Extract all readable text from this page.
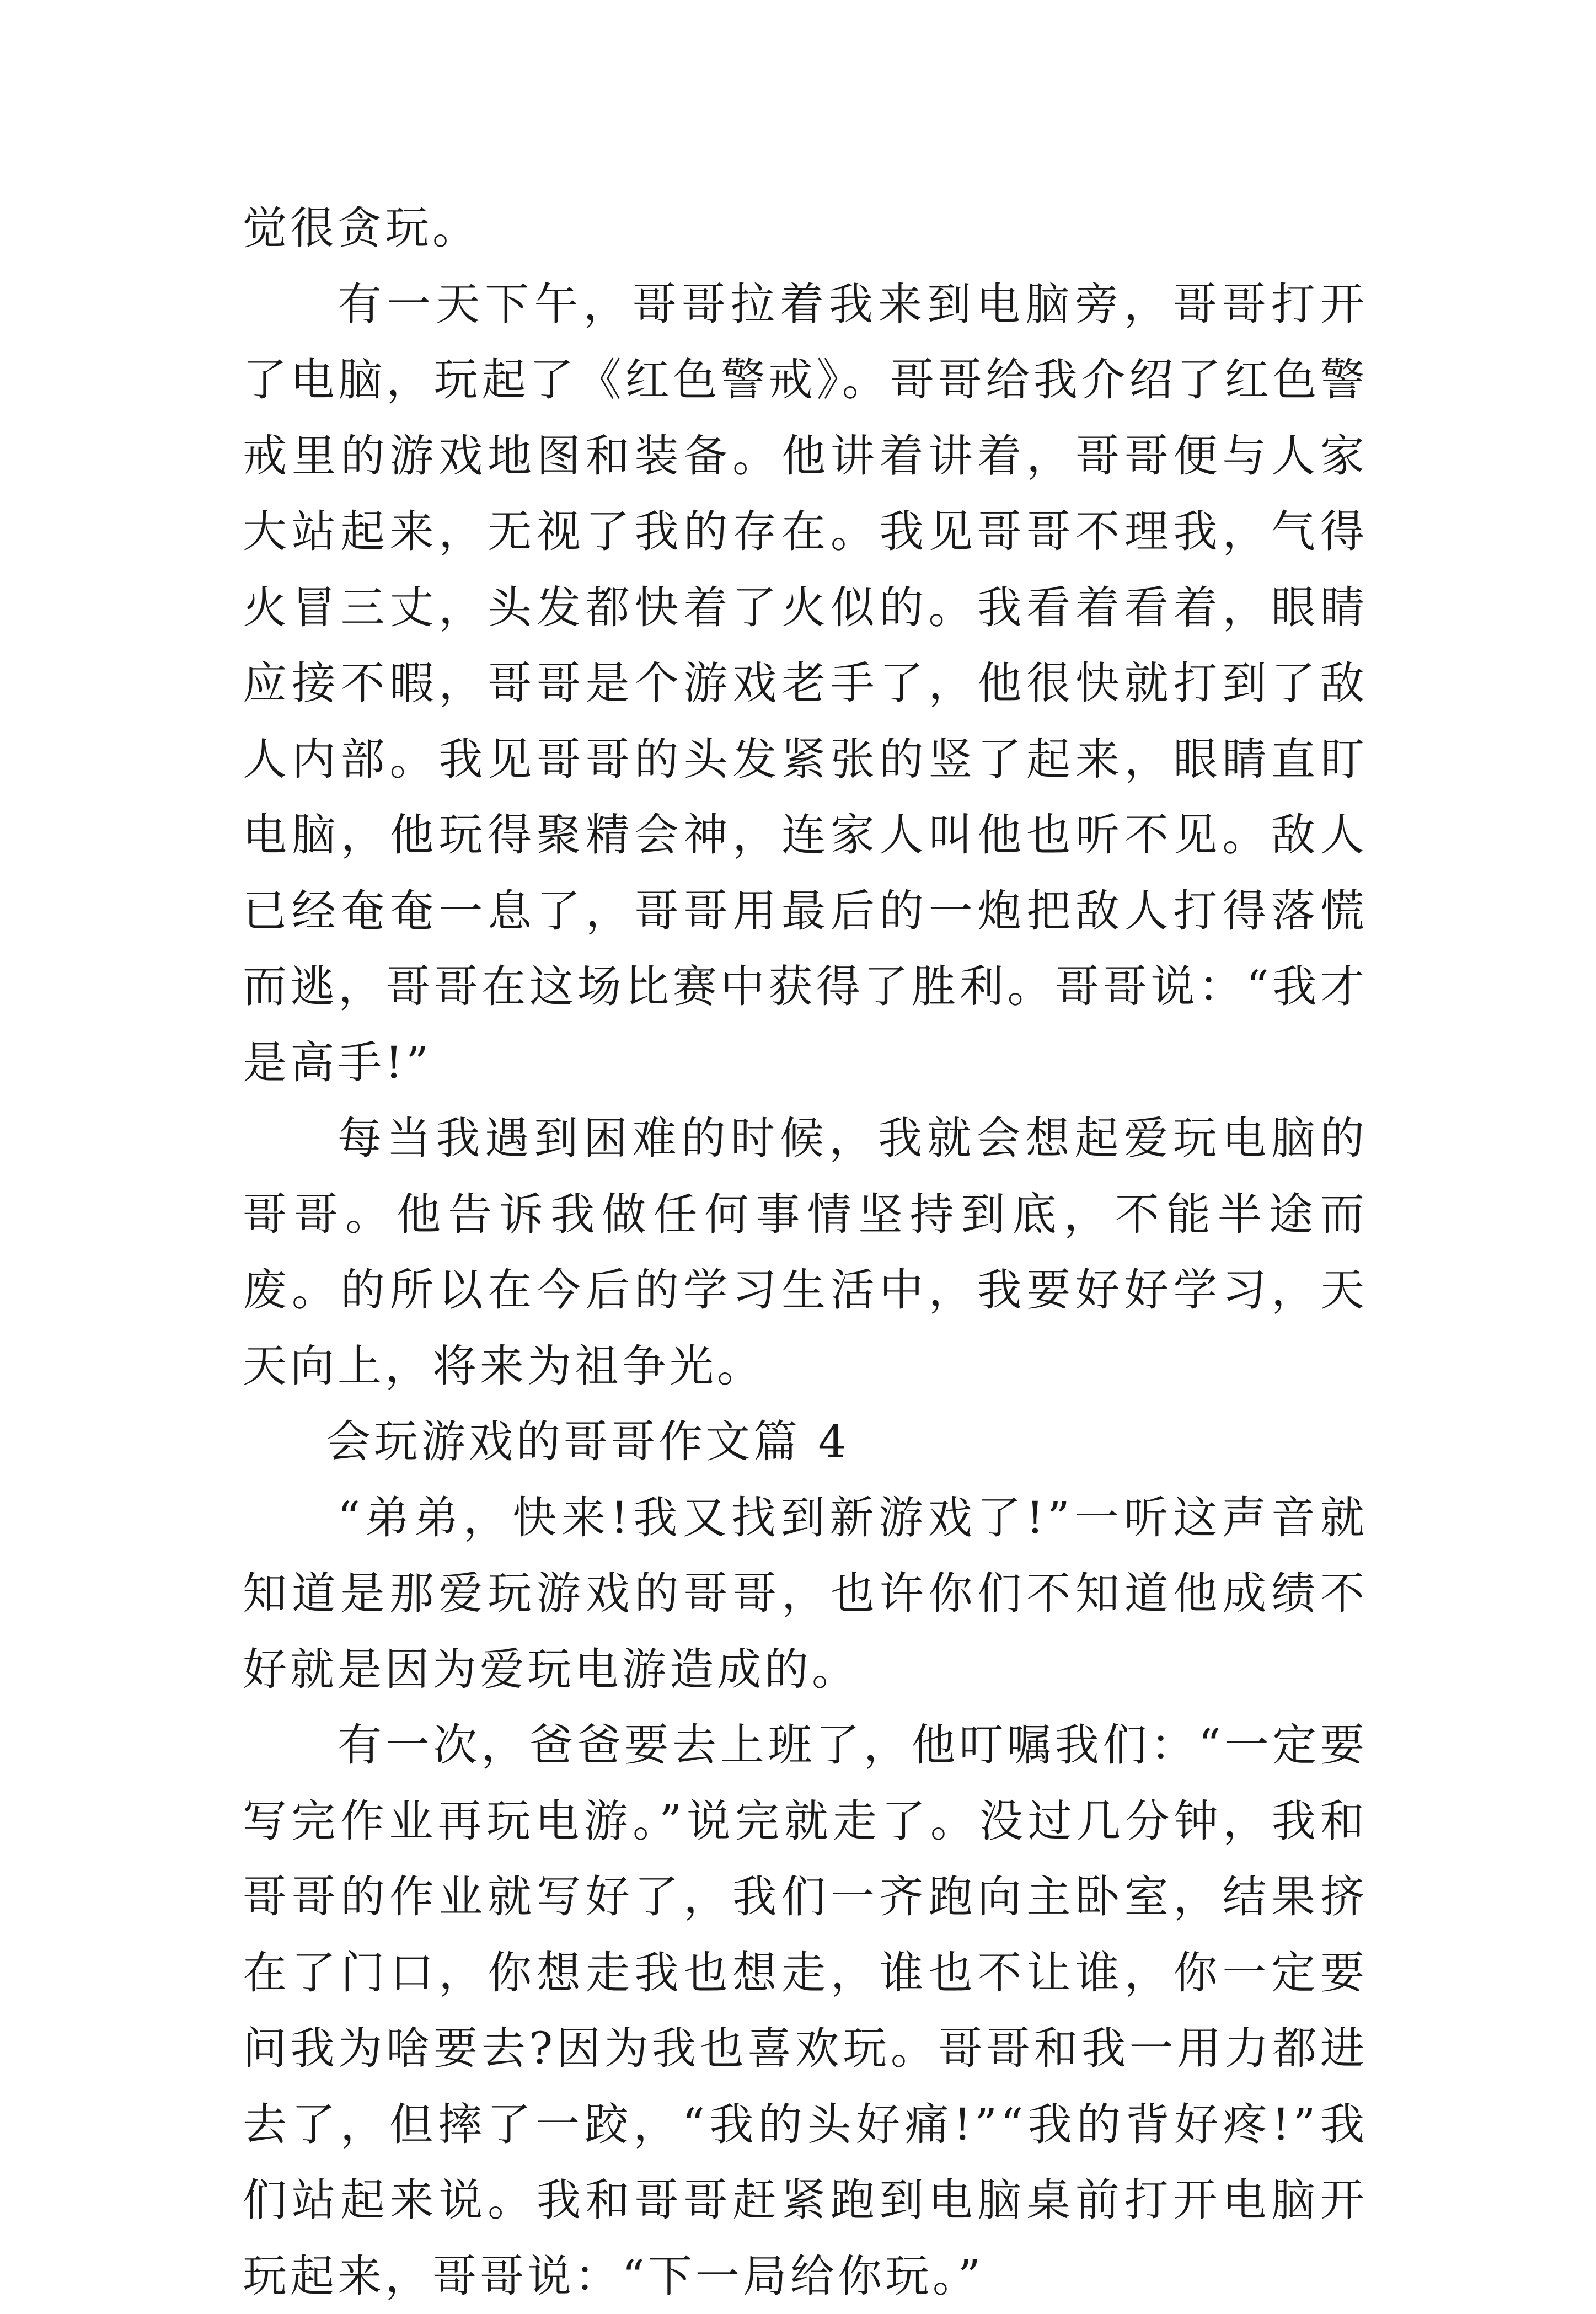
觉很贪玩。

有一天下午，哥哥拉着我来到电脑旁，哥哥打开了电脑，玩起了《红色警戒》。哥哥给我介绍了红色警戒里的游戏地图和装备。他讲着讲着，哥哥便与人家大站起来，无视了我的存在。我见哥哥不理我，气得火冒三丈，头发都快着了火似的。我看着看着，眼睛应接不暇，哥哥是个游戏老手了，他很快就打到了敌人内部。我见哥哥的头发紧张的竖了起来，眼睛直盯电脑，他玩得聚精会神，连家人叫他也听不见。敌人已经奄奄一息了，哥哥用最后的一炮把敌人打得落慌而逃，哥哥在这场比赛中获得了胜利。哥哥说：“我才是高手!”

每当我遇到困难的时候，我就会想起爱玩电脑的哥哥。他告诉我做任何事情坚持到底，不能半途而废。的所以在今后的学习生活中，我要好好学习，天天向上，将来为祖争光。

会玩游戏的哥哥作文篇 4

“弟弟，快来!我又找到新游戏了!”一听这声音就知道是那爱玩游戏的哥哥，也许你们不知道他成绩不好就是因为爱玩电游造成的。

有一次，爸爸要去上班了，他叮嘱我们：“一定要写完作业再玩电游。”说完就走了。没过几分钟，我和哥哥的作业就写好了，我们一齐跑向主卧室，结果挤在了门口，你想走我也想走，谁也不让谁，你一定要问我为啥要去?因为我也喜欢玩。哥哥和我一用力都进去了，但摔了一跤，“我的头好痛!”“我的背好疼!”我们站起来说。我和哥哥赶紧跑到电脑桌前打开电脑开玩起来，哥哥说：“下一局给你玩。”
